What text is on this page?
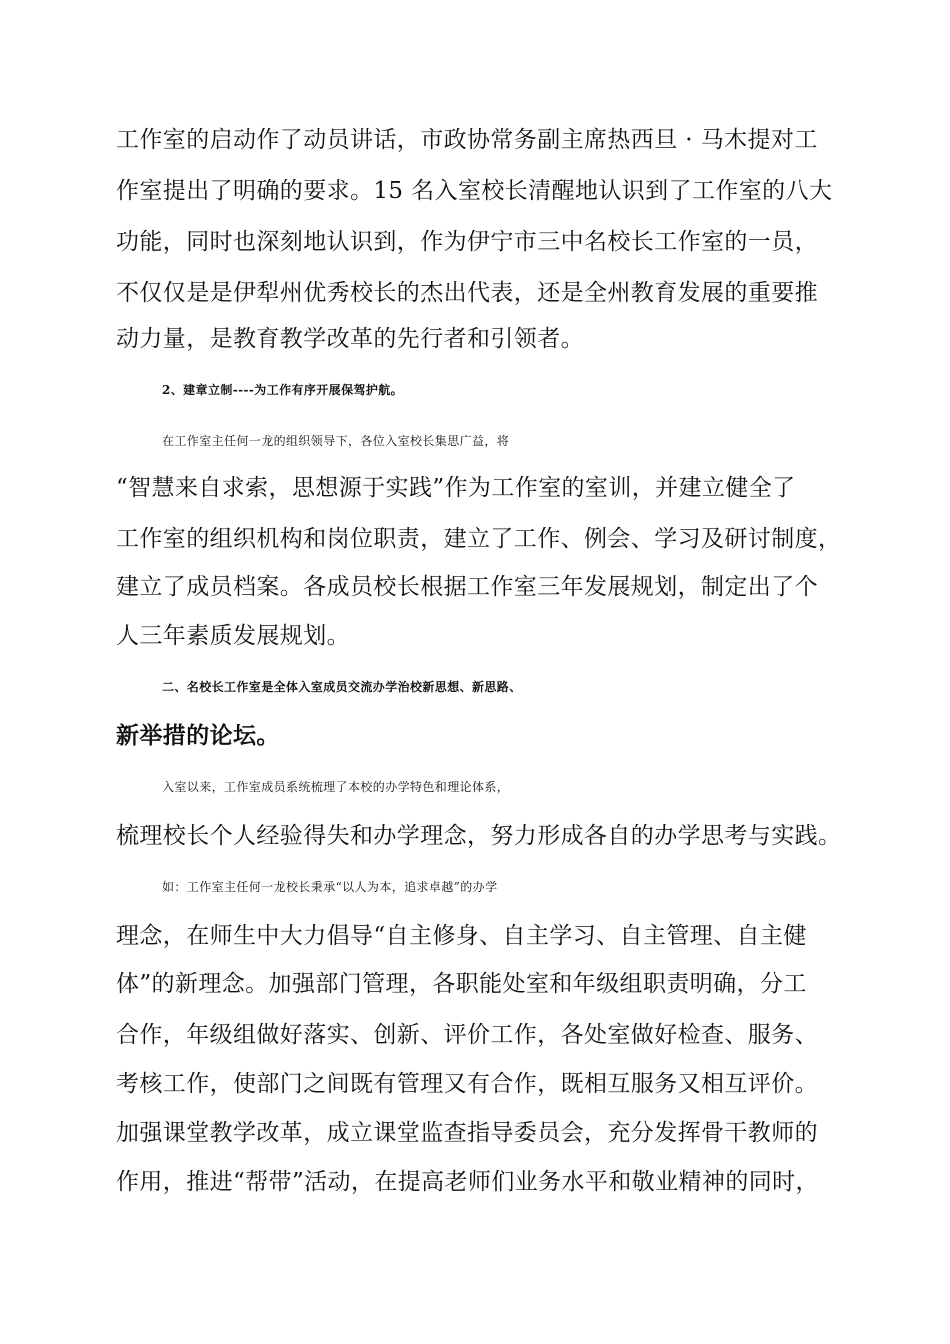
工作室的启动作了动员讲话，市政协常务副主席热西旦 · 马木提对工
作室提出了明确的要求。15 名入室校长清醒地认识到了工作室的八大
功能，同时也深刻地认识到，作为伊宁市三中名校长工作室的一员，
不仅仅是是伊犁州优秀校长的杰出代表，还是全州教育发展的重要推
动力量，是教育教学改革的先行者和引领者。
2、建章立制----为工作有序开展保驾护航。
在工作室主任何一龙的组织领导下，各位入室校长集思广益，将
“智慧来自求索，思想源于实践”作为工作室的室训，并建立健全了
工作室的组织机构和岗位职责，建立了工作、例会、学习及研讨制度，
建立了成员档案。各成员校长根据工作室三年发展规划，制定出了个
人三年素质发展规划。
二、名校长工作室是全体入室成员交流办学治校新思想、新思路、
新举措的论坛。
入室以来，工作室成员系统梳理了本校的办学特色和理论体系，
梳理校长个人经验得失和办学理念，努力形成各自的办学思考与实践。
如：工作室主任何一龙校长秉承“以人为本，追求卓越”的办学
理念，在师生中大力倡导“自主修身、自主学习、自主管理、自主健
体”的新理念。加强部门管理，各职能处室和年级组职责明确，分工
合作，年级组做好落实、创新、评价工作，各处室做好检查、服务、
考核工作，使部门之间既有管理又有合作，既相互服务又相互评价。
加强课堂教学改革，成立课堂监查指导委员会，充分发挥骨干教师的
作用，推进“帮带”活动，在提高老师们业务水平和敬业精神的同时，
